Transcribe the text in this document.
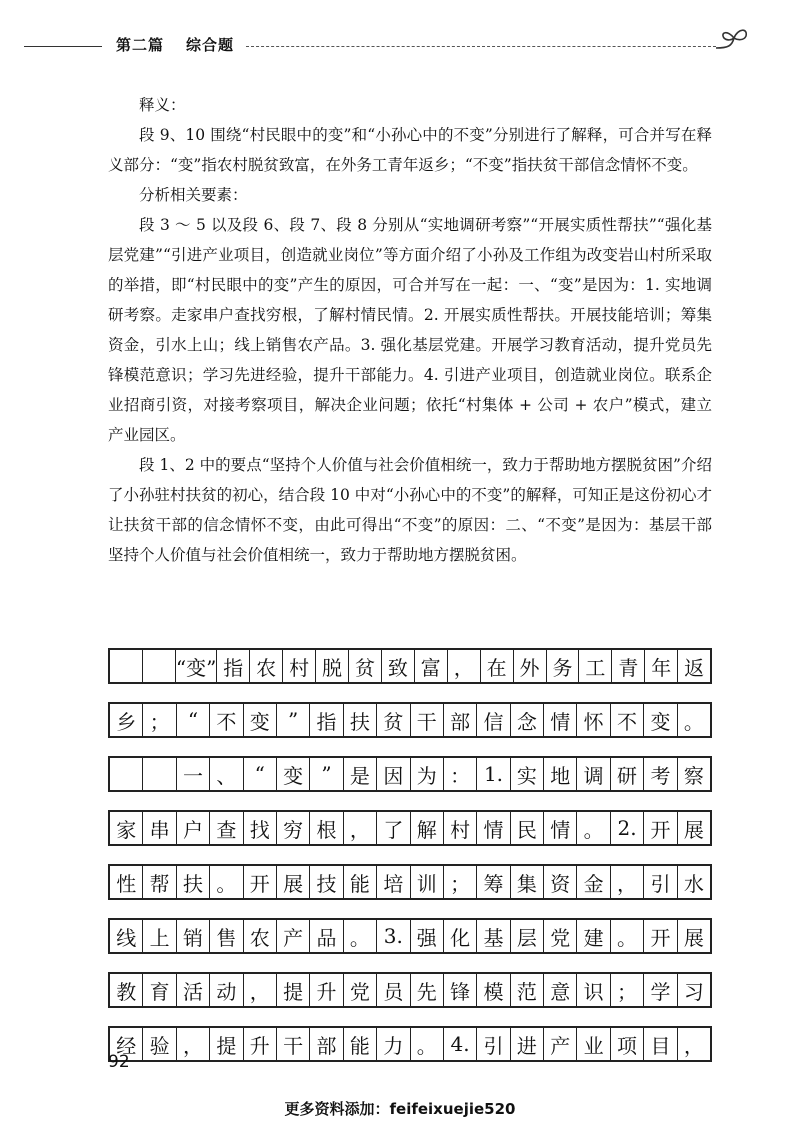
第二篇 综合题

释义：

段 9、10 围绕“村民眼中的变”和“小孙心中的不变”分别进行了解释，可合并写在释义部分：“变”指农村脱贫致富，在外务工青年返乡；“不变”指扶贫干部信念情怀不变。

分析相关要素：

段 3 ～ 5 以及段 6、段 7、段 8 分别从“实地调研考察”“开展实质性帮扶”“强化基层党建”“引进产业项目，创造就业岗位”等方面介绍了小孙及工作组为改变岩山村所采取的举措，即“村民眼中的变”产生的原因，可合并写在一起：一、“变”是因为：1. 实地调研考察。走家串户查找穷根，了解村情民情。2. 开展实质性帮扶。开展技能培训；筹集资金，引水上山；线上销售农产品。3. 强化基层党建。开展学习教育活动，提升党员先锋模范意识；学习先进经验，提升干部能力。4. 引进产业项目，创造就业岗位。联系企业招商引资，对接考察项目，解决企业问题；依托“村集体 + 公司 + 农户”模式，建立产业园区。

段 1、2 中的要点“坚持个人价值与社会价值相统一，致力于帮助地方摆脱贫困”介绍了小孙驻村扶贫的初心，结合段 10 中对“小孙心中的不变”的解释，可知正是这份初心才让扶贫干部的信念情怀不变，由此可得出“不变”的原因：二、“不变”是因为：基层干部坚持个人价值与社会价值相统一，致力于帮助地方摆脱贫困。

“变” 指 农 村 脱 贫 致 富 ， 在 外 务 工 青 年 返
乡 ； “ 不 变 ” 指 扶 贫 干 部 信 念 情 怀 不 变 。
一 、 “ 变 ” 是 因 为 ： 1. 实 地 调 研 考 察
家 串 户 查 找 穷 根 ， 了 解 村 情 民 情 。 2. 开 展
性 帮 扶 。 开 展 技 能 培 训 ； 筹 集 资 金 ， 引 水
线 上 销 售 农 产 品 。 3. 强 化 基 层 党 建 。 开 展
教 育 活 动 ， 提 升 党 员 先 锋 模 范 意 识 ； 学 习
经 验 ， 提 升 干 部 能 力 。 4. 引 进 产 业 项 目 ，
92
更多资料添加：feifeixuejie520
